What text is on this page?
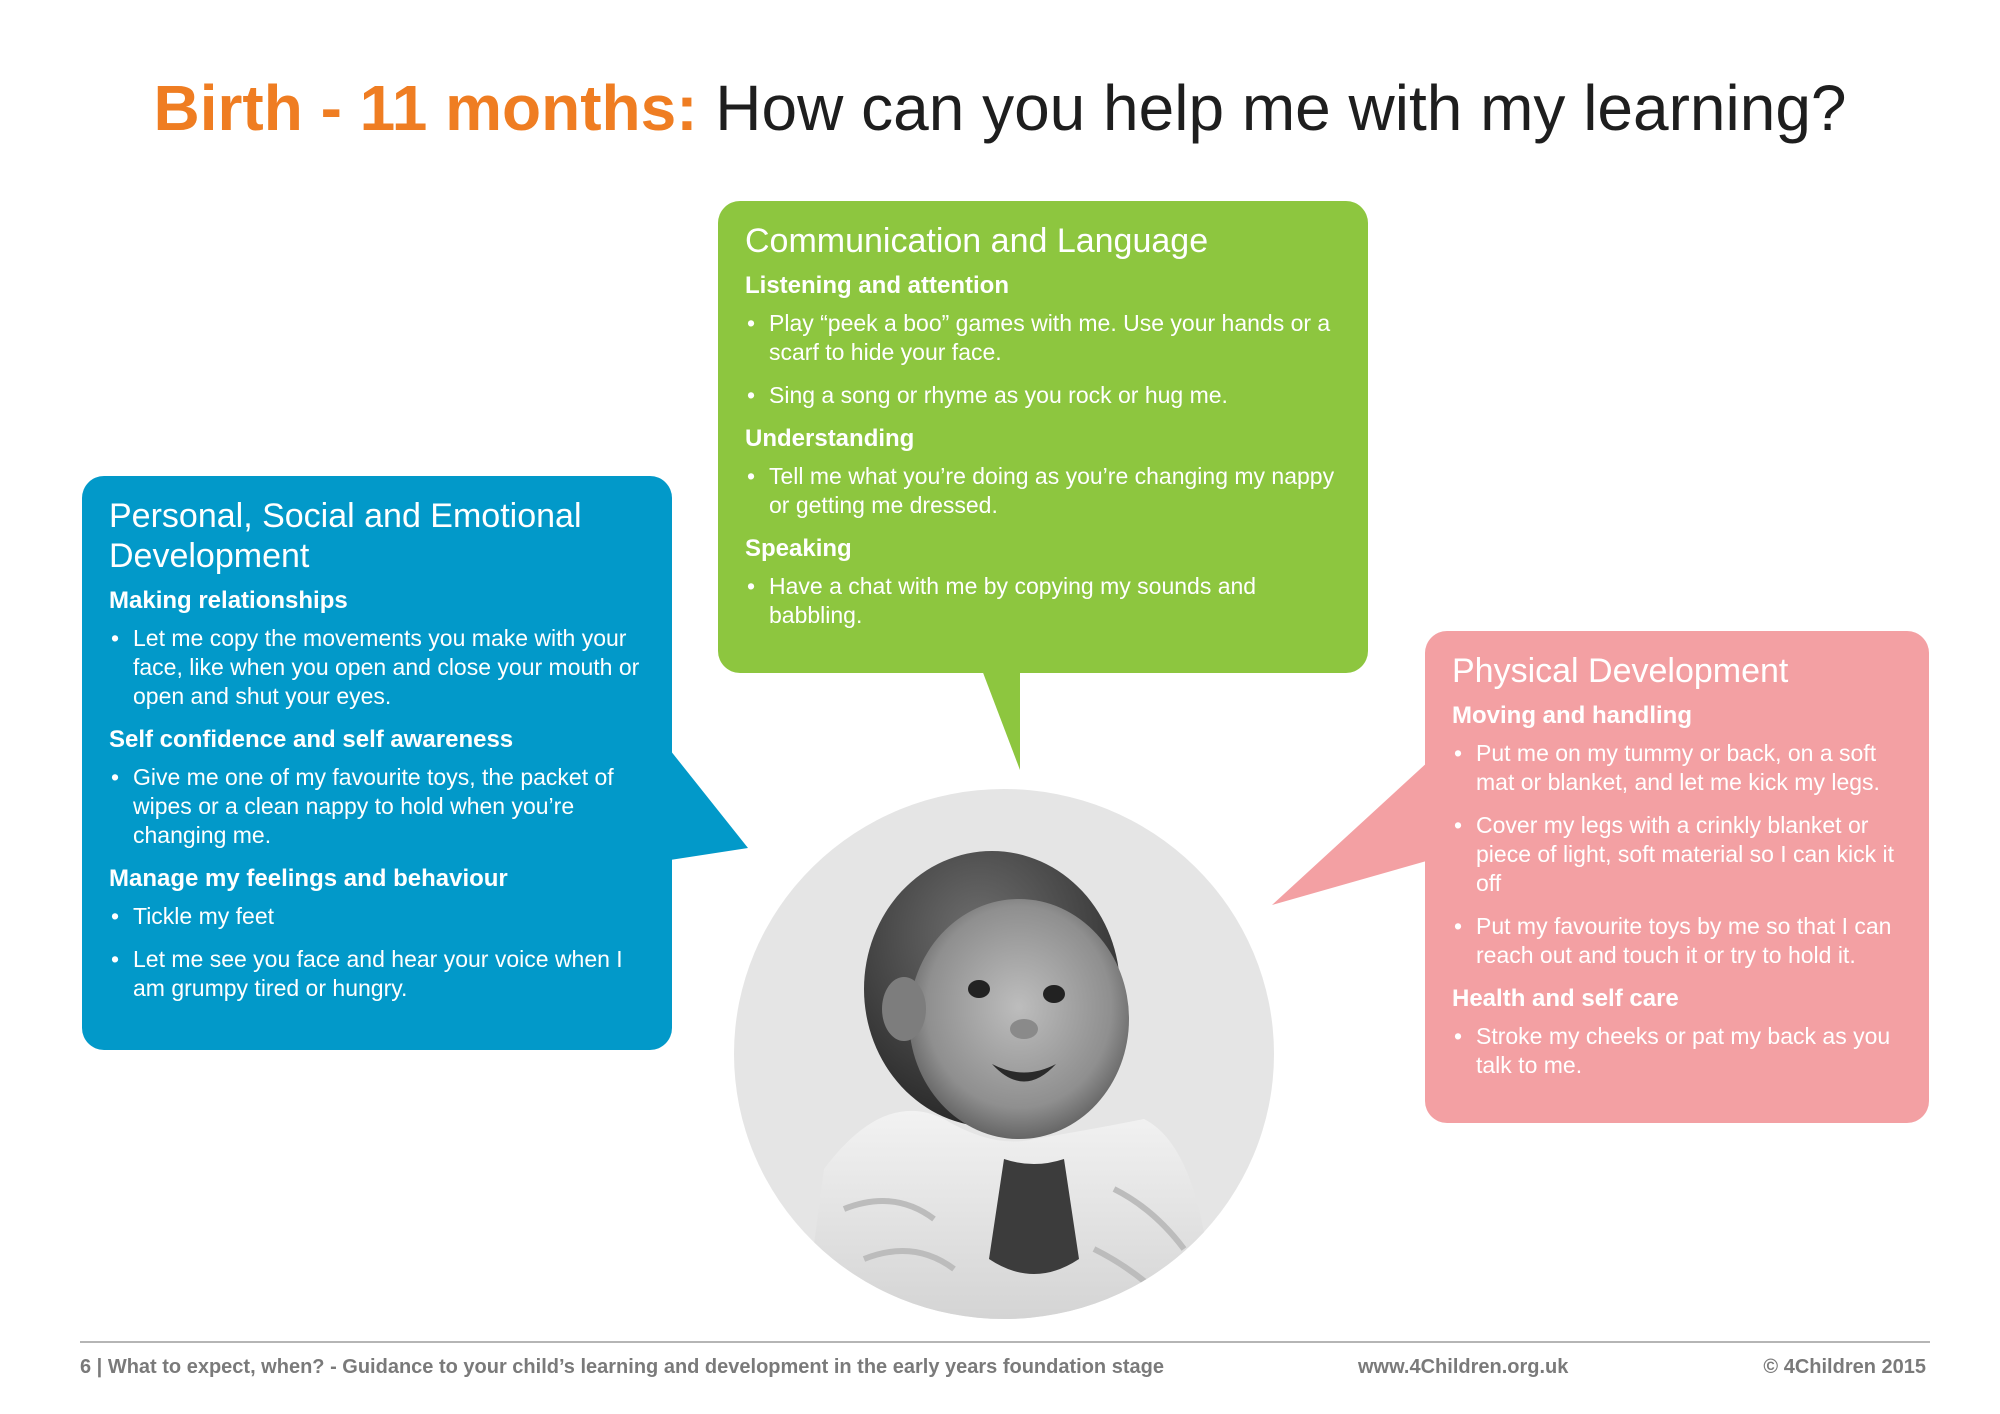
Birth - 11 months: How can you help me with my learning?
Personal, Social and Emotional Development
Making relationships
• Let me copy the movements you make with your face, like when you open and close your mouth or open and shut your eyes.
Self confidence and self awareness
• Give me one of my favourite toys, the packet of wipes or a clean nappy to hold when you’re changing me.
Manage my feelings and behaviour
• Tickle my feet
• Let me see you face and hear your voice when I am grumpy tired or hungry.
Communication and Language
Listening and attention
• Play “peek a boo” games with me. Use your hands or a scarf to hide your face.
• Sing a song or rhyme as you rock or hug me.
Understanding
• Tell me what you’re doing as you’re changing my nappy or getting me dressed.
Speaking
• Have a chat with me by copying my sounds and babbling.
Physical Development
Moving and handling
• Put me on my tummy or back, on a soft mat or blanket, and let me kick my legs.
• Cover my legs with a crinkly blanket or piece of light, soft material so I can kick it off
• Put my favourite toys by me so that I can reach out and touch it or try to hold it.
Health and self care
• Stroke my cheeks or pat my back as you talk to me.
6 | What to expect, when? - Guidance to your child’s learning and development in the early years foundation stage	www.4Children.org.uk	© 4Children 2015
